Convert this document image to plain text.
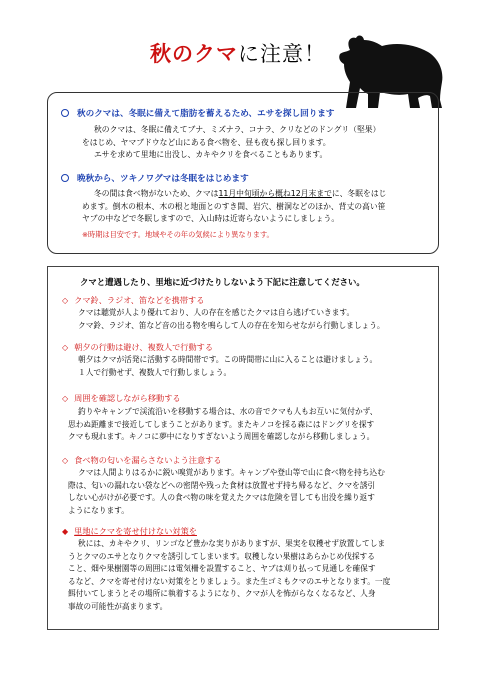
秋のクマに注意！
秋のクマは、冬眠に備えて脂肪を蓄えるため、エサを探し回ります
秋のクマは、冬眠に備えてブナ、ミズナラ、コナラ、クリなどのドングリ（堅果）
をはじめ、ヤマブドウなど山にある食べ物を、昼も夜も探し回ります。
エサを求めて里地に出没し、カキやクリを食べることもあります。
晩秋から、ツキノワグマは冬眠をはじめます
冬の間は食べ物がないため、クマは11月中旬頃から概ね12月末までに、冬眠をはじ
めます。倒木の根本、木の根と地面とのすき間、岩穴、樹洞などのほか、背丈の高い笹
ヤブの中などで冬眠しますので、入山時は近寄らないようにしましょう。
※時期は目安です。地域やその年の気候により異なります。
クマと遭遇したり、里地に近づけたりしないよう下記に注意してください。
◇ クマ鈴、ラジオ、笛などを携帯する
クマは聴覚が人より優れており、人の存在を感じたクマは自ら逃げていきます。
クマ鈴、ラジオ、笛など音の出る物を鳴らして人の存在を知らせながら行動しましょう。
◇ 朝夕の行動は避け、複数人で行動する
朝夕はクマが活発に活動する時間帯です。この時間帯に山に入ることは避けましょう。
１人で行動せず、複数人で行動しましょう。
◇ 周囲を確認しながら移動する
釣りやキャンプで渓流沿いを移動する場合は、水の音でクマも人もお互いに気付かず、
思わぬ距離まで接近してしまうことがあります。またキノコを採る森にはドングリを探す
クマも現れます。キノコに夢中になりすぎないよう周囲を確認しながら移動しましょう。
◇ 食べ物の匂いを漏らさないよう注意する
クマは人間よりはるかに鋭い嗅覚があります。キャンプや登山等で山に食べ物を持ち込む
際は、匂いの漏れない袋などへの密閉や残った食材は放置せず持ち帰るなど、クマを誘引
しない心がけが必要です。人の食べ物の味を覚えたクマは危険を冒しても出没を繰り返す
ようになります。
◆ 里地にクマを寄せ付けない対策を
秋には、カキやクリ、リンゴなど豊かな実りがありますが、果実を収穫せず放置してしま
うとクマのエサとなりクマを誘引してしまいます。収穫しない果樹はあらかじめ伐採する
こと、畑や果樹園等の周囲には電気柵を設置すること、ヤブは刈り払って見通しを確保す
るなど、クマを寄せ付けない対策をとりましょう。また生ゴミもクマのエサとなります。一度
餌付いてしまうとその場所に執着するようになり、クマが人を怖がらなくなるなど、人身
事故の可能性が高まります。
